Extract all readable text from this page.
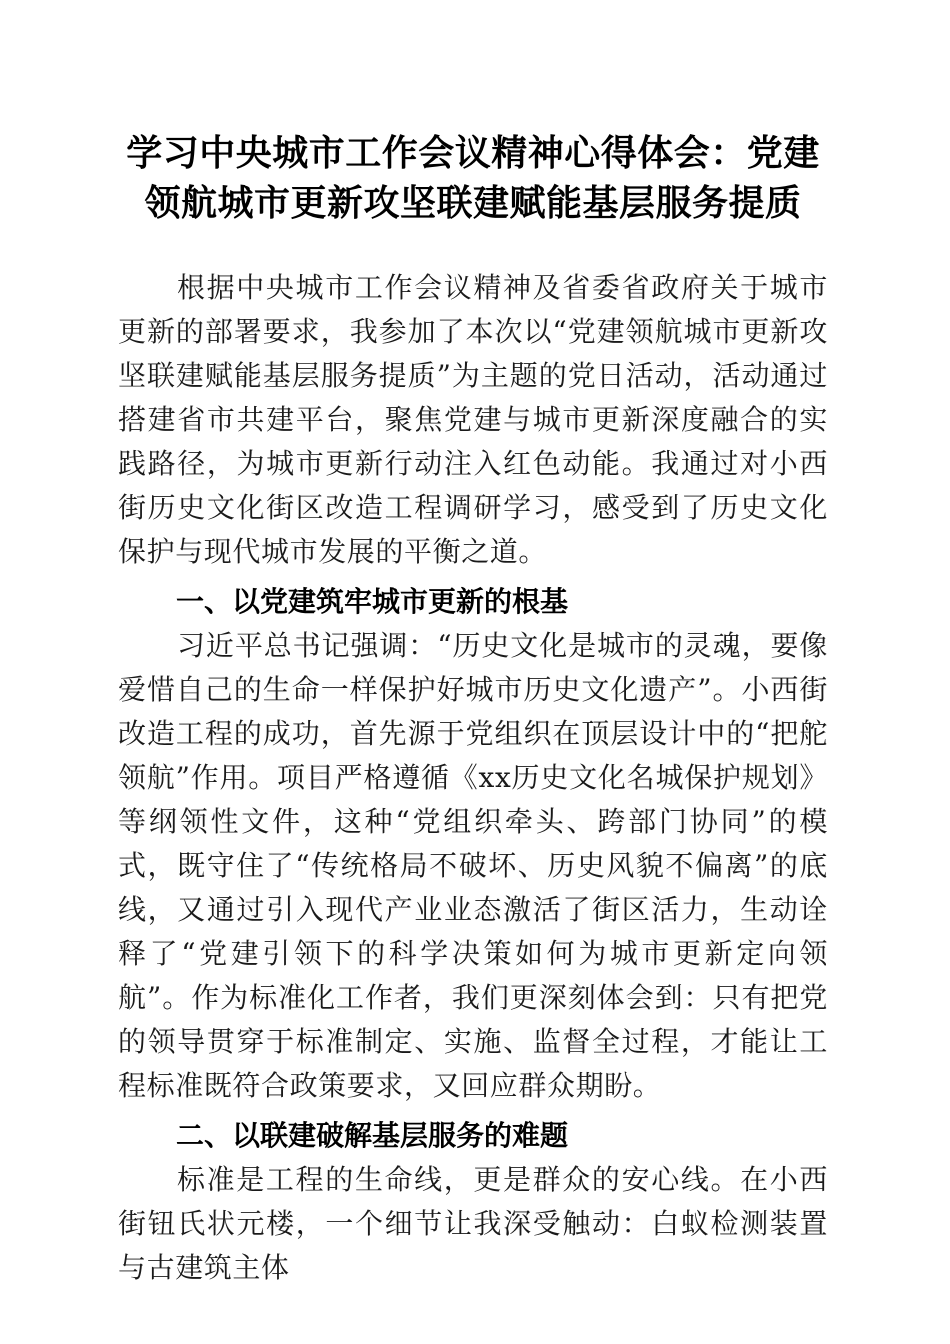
学习中央城市工作会议精神心得体会：党建领航城市更新攻坚联建赋能基层服务提质

根据中央城市工作会议精神及省委省政府关于城市更新的部署要求，我参加了本次以“党建领航城市更新攻坚联建赋能基层服务提质”为主题的党日活动，活动通过搭建省市共建平台，聚焦党建与城市更新深度融合的实践路径，为城市更新行动注入红色动能。我通过对小西街历史文化街区改造工程调研学习，感受到了历史文化保护与现代城市发展的平衡之道。

一、以党建筑牢城市更新的根基

习近平总书记强调：“历史文化是城市的灵魂，要像爱惜自己的生命一样保护好城市历史文化遗产”。小西街改造工程的成功，首先源于党组织在顶层设计中的“把舵领航”作用。项目严格遵循《xx历史文化名城保护规划》等纲领性文件，这种“党组织牵头、跨部门协同”的模式，既守住了“传统格局不破坏、历史风貌不偏离”的底线，又通过引入现代产业业态激活了街区活力，生动诠释了“党建引领下的科学决策如何为城市更新定向领航”。作为标准化工作者，我们更深刻体会到：只有把党的领导贯穿于标准制定、实施、监督全过程，才能让工程标准既符合政策要求，又回应群众期盼。

二、以联建破解基层服务的难题

标准是工程的生命线，更是群众的安心线。在小西街钮氏状元楼，一个细节让我深受触动：白蚁检测装置与古建筑主体
